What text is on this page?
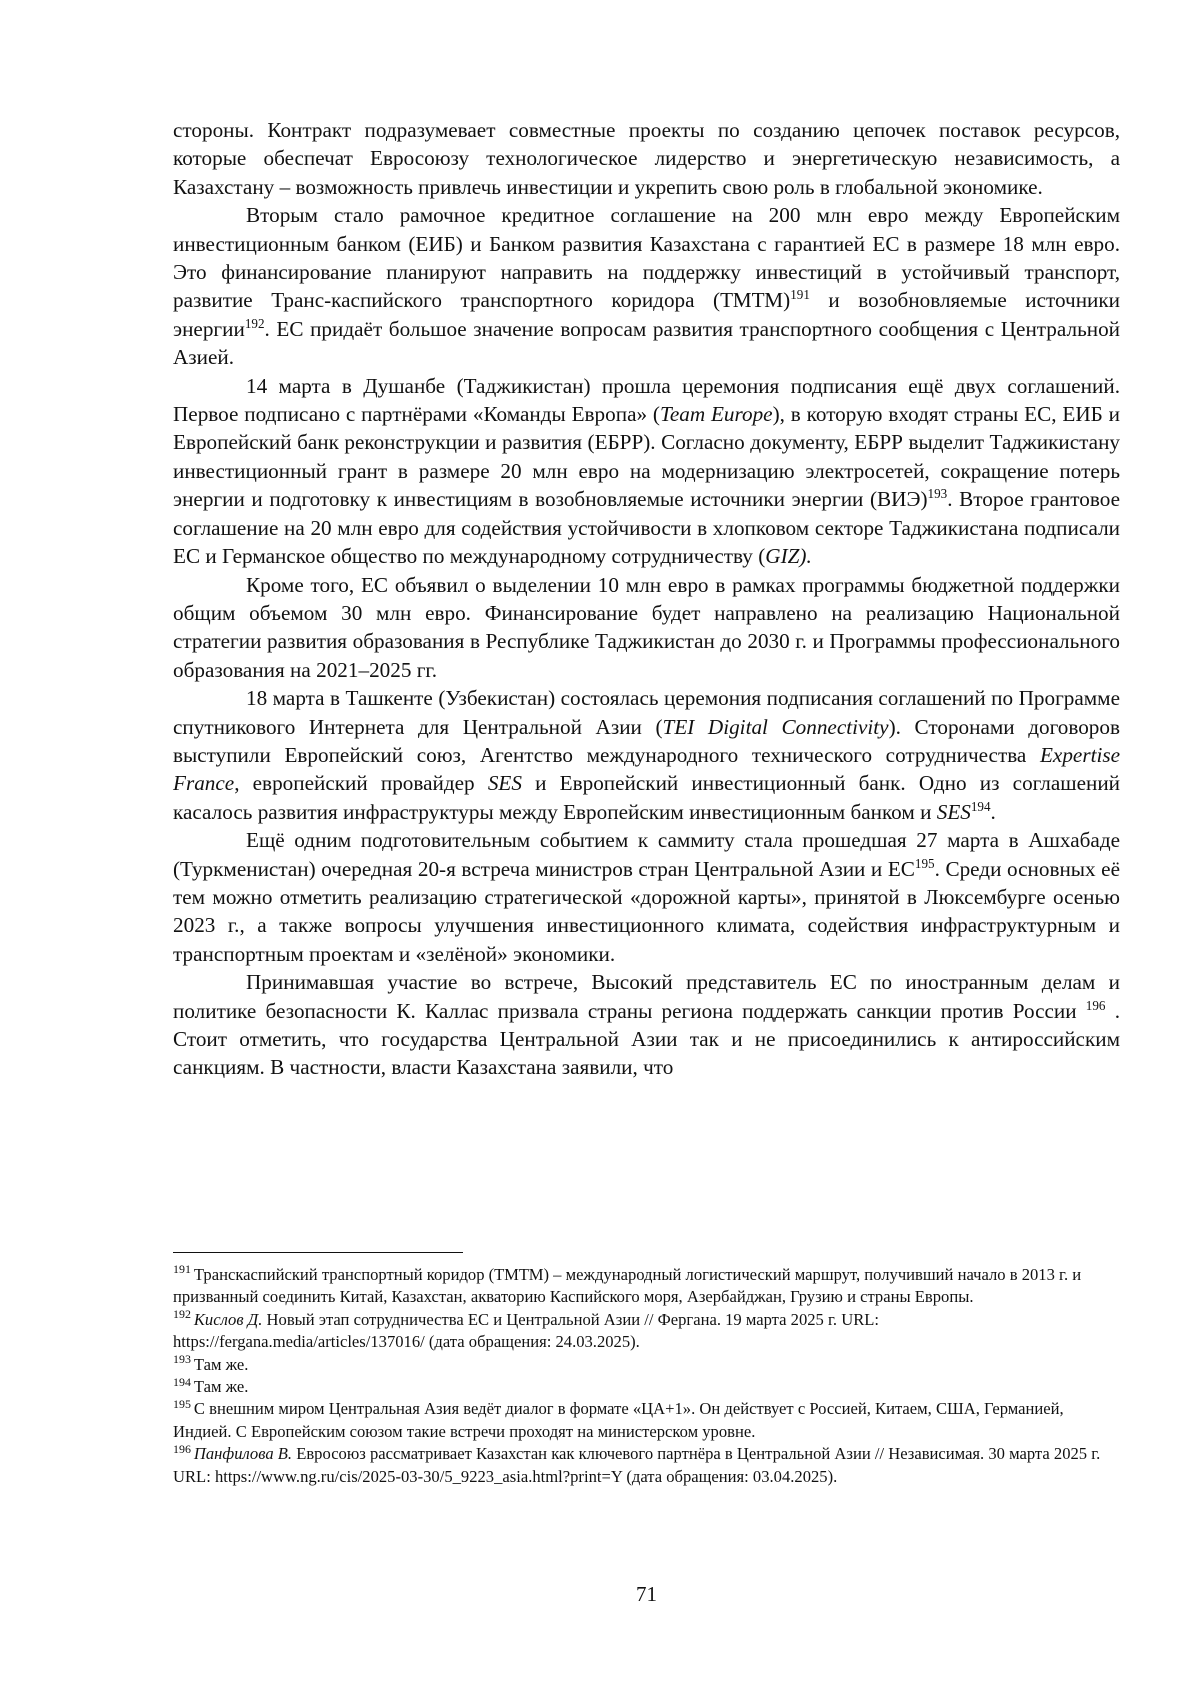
стороны. Контракт подразумевает совместные проекты по созданию цепочек поставок ресурсов, которые обеспечат Евросоюзу технологическое лидерство и энергетическую независимость, а Казахстану – возможность привлечь инвестиции и укрепить свою роль в глобальной экономике.

Вторым стало рамочное кредитное соглашение на 200 млн евро между Европейским инвестиционным банком (ЕИБ) и Банком развития Казахстана с гарантией ЕС в размере 18 млн евро. Это финансирование планируют направить на поддержку инвестиций в устойчивый транспорт, развитие Транс-каспийского транспортного коридора (ТМТМ)$^{191}$ и возобновляемые источники энергии$^{192}$. ЕС придаёт большое значение вопросам развития транспортного сообщения с Центральной Азией.

14 марта в Душанбе (Таджикистан) прошла церемония подписания ещё двух соглашений. Первое подписано с партнёрами «Команды Европа» (Team Europe), в которую входят страны ЕС, ЕИБ и Европейский банк реконструкции и развития (ЕБРР). Согласно документу, ЕБРР выделит Таджикистану инвестиционный грант в размере 20 млн евро на модернизацию электросетей, сокращение потерь энергии и подготовку к инвестициям в возобновляемые источники энергии (ВИЭ)$^{193}$. Второе грантовое соглашение на 20 млн евро для содействия устойчивости в хлопковом секторе Таджикистана подписали ЕС и Германское общество по международному сотрудничеству (GIZ).

Кроме того, ЕС объявил о выделении 10 млн евро в рамках программы бюджетной поддержки общим объемом 30 млн евро. Финансирование будет направлено на реализацию Национальной стратегии развития образования в Республике Таджикистан до 2030 г. и Программы профессионального образования на 2021–2025 гг.

18 марта в Ташкенте (Узбекистан) состоялась церемония подписания соглашений по Программе спутникового Интернета для Центральной Азии (TEI Digital Connectivity). Сторонами договоров выступили Европейский союз, Агентство международного технического сотрудничества Expertise France, европейский провайдер SES и Европейский инвестиционный банк. Одно из соглашений касалось развития инфраструктуры между Европейским инвестиционным банком и SES$^{194}$.

Ещё одним подготовительным событием к саммиту стала прошедшая 27 марта в Ашхабаде (Туркменистан) очередная 20-я встреча министров стран Центральной Азии и ЕС$^{195}$. Среди основных её тем можно отметить реализацию стратегической «дорожной карты», принятой в Люксембурге осенью 2023 г., а также вопросы улучшения инвестиционного климата, содействия инфраструктурным и транспортным проектам и «зелёной» экономики.

Принимавшая участие во встрече, Высокий представитель ЕС по иностранным делам и политике безопасности К. Каллас призвала страны региона поддержать санкции против России $^{196}$ . Стоит отметить, что государства Центральной Азии так и не присоединились к антироссийским санкциям. В частности, власти Казахстана заявили, что

$^{191}$ Транскаспийский транспортный коридор (ТМТМ) – международный логистический маршрут, получивший начало в 2013 г. и призванный соединить Китай, Казахстан, акваторию Каспийского моря, Азербайджан, Грузию и страны Европы.

$^{192}$ Кислов Д. Новый этап сотрудничества ЕС и Центральной Азии // Фергана. 19 марта 2025 г. URL: https://fergana.media/articles/137016/ (дата обращения: 24.03.2025).

$^{193}$ Там же.

$^{194}$ Там же.

$^{195}$ С внешним миром Центральная Азия ведёт диалог в формате «ЦА+1». Он действует с Россией, Китаем, США, Германией, Индией. С Европейским союзом такие встречи проходят на министерском уровне.

$^{196}$ Панфилова В. Евросоюз рассматривает Казахстан как ключевого партнёра в Центральной Азии // Независимая. 30 марта 2025 г. URL: https://www.ng.ru/cis/2025-03-30/5_9223_asia.html?print=Y (дата обращения: 03.04.2025).

71
